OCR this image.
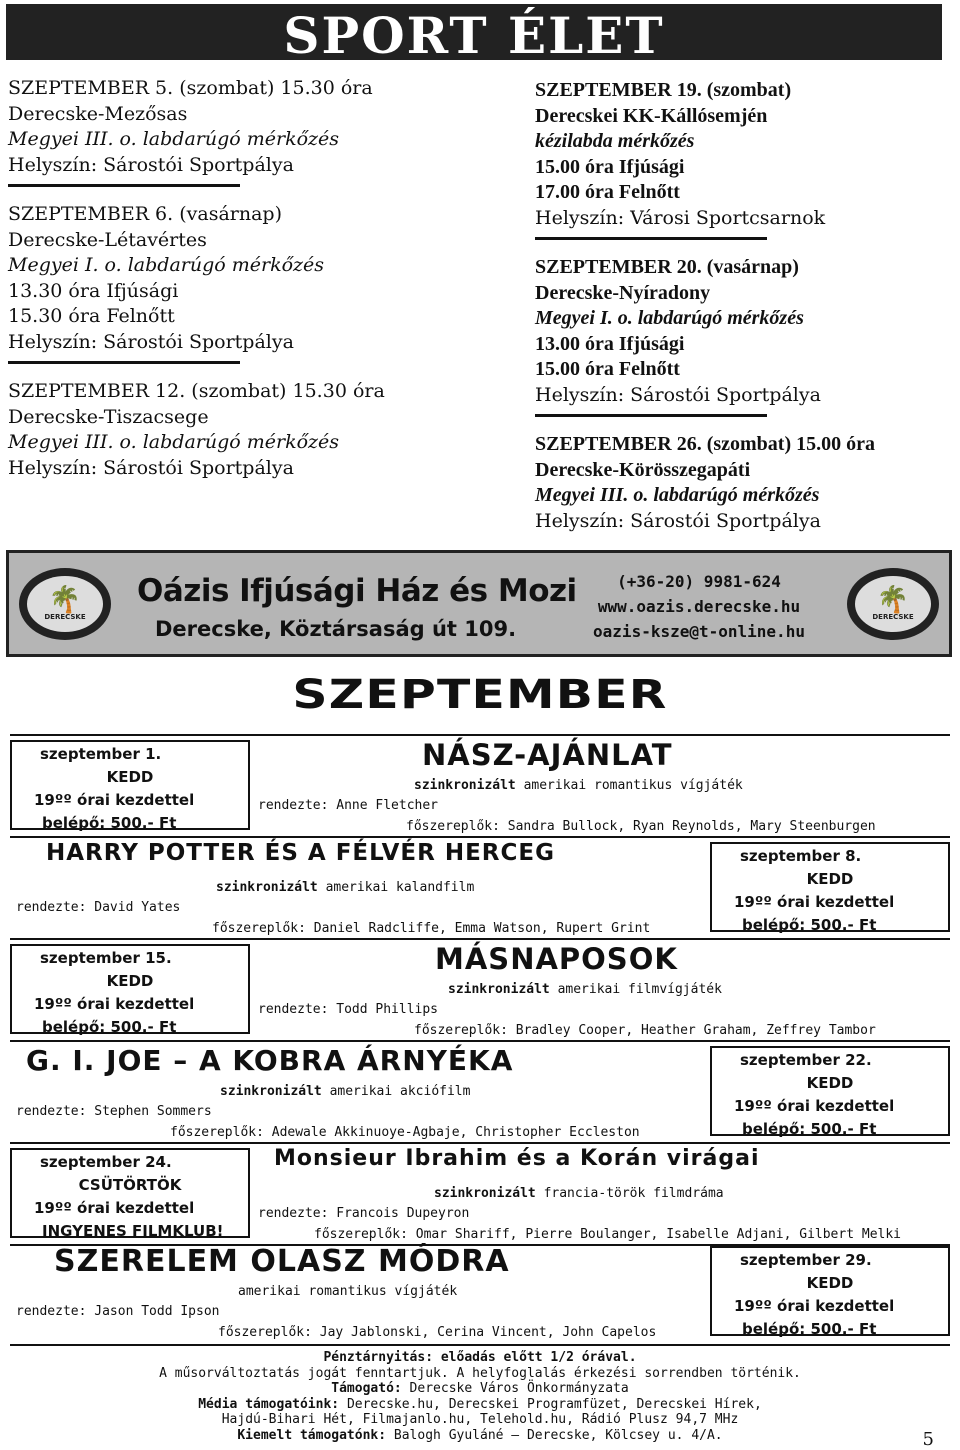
SPORT ÉLET
SZEPTEMBER 5. (szombat) 15.30 óra
Derecske-Mezősas
Megyei III. o. labdarúgó mérkőzés
Helyszín: Sárostói Sportpálya
SZEPTEMBER 6. (vasárnap)
Derecske-Létavértes
Megyei I. o. labdarúgó mérkőzés
13.30 óra Ifjúsági
15.30 óra Felnőtt
Helyszín: Sárostói Sportpálya
SZEPTEMBER 12. (szombat) 15.30 óra
Derecske-Tiszacsege
Megyei III. o. labdarúgó mérkőzés
Helyszín: Sárostói Sportpálya
SZEPTEMBER 19. (szombat)
Derecskei KK-Kállósemjén
kézilabda mérkőzés
15.00 óra Ifjúsági
17.00 óra Felnőtt
Helyszín: Városi Sportcsarnok
SZEPTEMBER 20. (vasárnap)
Derecske-Nyíradony
Megyei I. o. labdarúgó mérkőzés
13.00 óra Ifjúsági
15.00 óra Felnőtt
Helyszín: Sárostói Sportpálya
SZEPTEMBER 26. (szombat) 15.00 óra
Derecske-Körösszegapáti
Megyei III. o. labdarúgó mérkőzés
Helyszín: Sárostói Sportpálya
🌴
DERECSKE
Oázis Ifjúsági Ház és Mozi
Derecske, Köztársaság út 109.
(+36-20) 9981-624
www.oazis.derecske.hu
oazis-ksze@t-online.hu
🌴
DERECSKE
SZEPTEMBER
szeptember 1.
KEDD
19ºº órai kezdettel
belépő: 500.- Ft
NÁSZ-AJÁNLAT
szinkronizált amerikai romantikus vígjáték
rendezte: Anne Fletcher
főszereplők: Sandra Bullock, Ryan Reynolds, Mary Steenburgen
szeptember 8.
KEDD
19ºº órai kezdettel
belépő: 500.- Ft
HARRY POTTER ÉS A FÉLVÉR HERCEG
szinkronizált amerikai kalandfilm
rendezte: David Yates
főszereplők: Daniel Radcliffe, Emma Watson, Rupert Grint
szeptember 15.
KEDD
19ºº órai kezdettel
belépő: 500.- Ft
MÁSNAPOSOK
szinkronizált amerikai filmvígjáték
rendezte: Todd Phillips
főszereplők: Bradley Cooper, Heather Graham, Zeffrey Tambor
szeptember 22.
KEDD
19ºº órai kezdettel
belépő: 500.- Ft
G. I. JOE – A KOBRA ÁRNYÉKA
szinkronizált amerikai akciófilm
rendezte: Stephen Sommers
főszereplők: Adewale Akkinuoye-Agbaje, Christopher Eccleston
szeptember 24.
CSÜTÖRTÖK
19ºº órai kezdettel
INGYENES FILMKLUB!
Monsieur Ibrahim és a Korán virágai
szinkronizált francia-török filmdráma
rendezte: Francois Dupeyron
főszereplők: Omar Shariff, Pierre Boulanger, Isabelle Adjani, Gilbert Melki
szeptember 29.
KEDD
19ºº órai kezdettel
belépő: 500.- Ft
SZERELEM OLASZ MÓDRA
amerikai romantikus vígjáték
rendezte: Jason Todd Ipson
főszereplők: Jay Jablonski, Cerina Vincent, John Capelos
Pénztárnyitás: előadás előtt 1/2 órával.
A műsorváltoztatás jogát fenntartjuk. A helyfoglalás érkezési sorrendben történik.
Támogató: Derecske Város Önkormányzata
Média támogatóink: Derecske.hu, Derecskei Programfüzet, Derecskei Hírek,
Hajdú-Bihari Hét, Filmajanlo.hu, Telehold.hu, Rádió Plusz 94,7 MHz
Kiemelt támogatónk: Balogh Gyuláné – Derecske, Kölcsey u. 4/A.	5
